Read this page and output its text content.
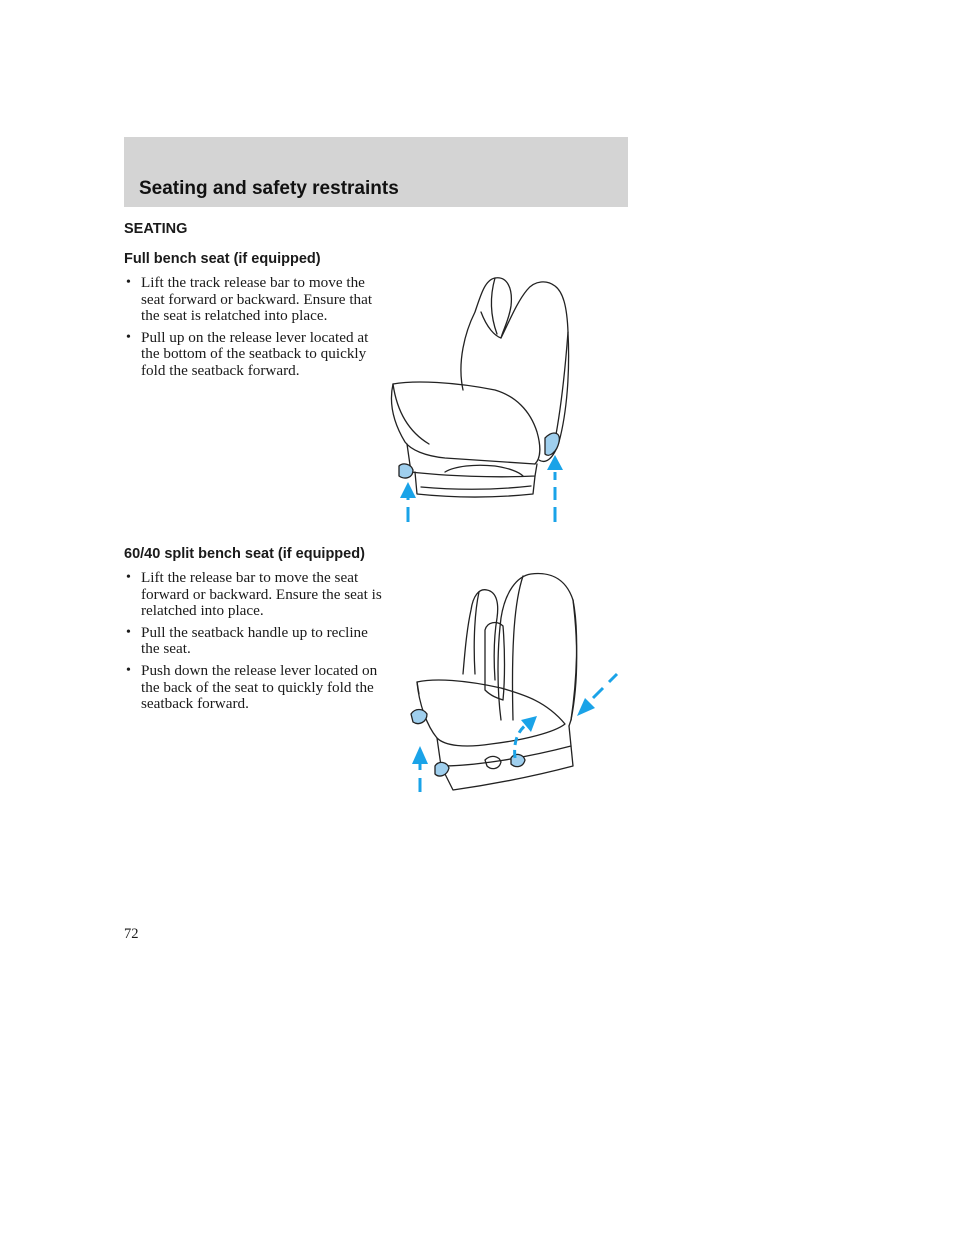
Seating and safety restraints
SEATING
Full bench seat (if equipped)
• Lift the track release bar to move the seat forward or backward. Ensure that the seat is relatched into place.
• Pull up on the release lever located at the bottom of the seatback to quickly fold the seatback forward.
60/40 split bench seat (if equipped)
• Lift the release bar to move the seat forward or backward. Ensure the seat is relatched into place.
• Pull the seatback handle up to recline the seat.
• Push down the release lever located on the back of the seat to quickly fold the seatback forward.
72
